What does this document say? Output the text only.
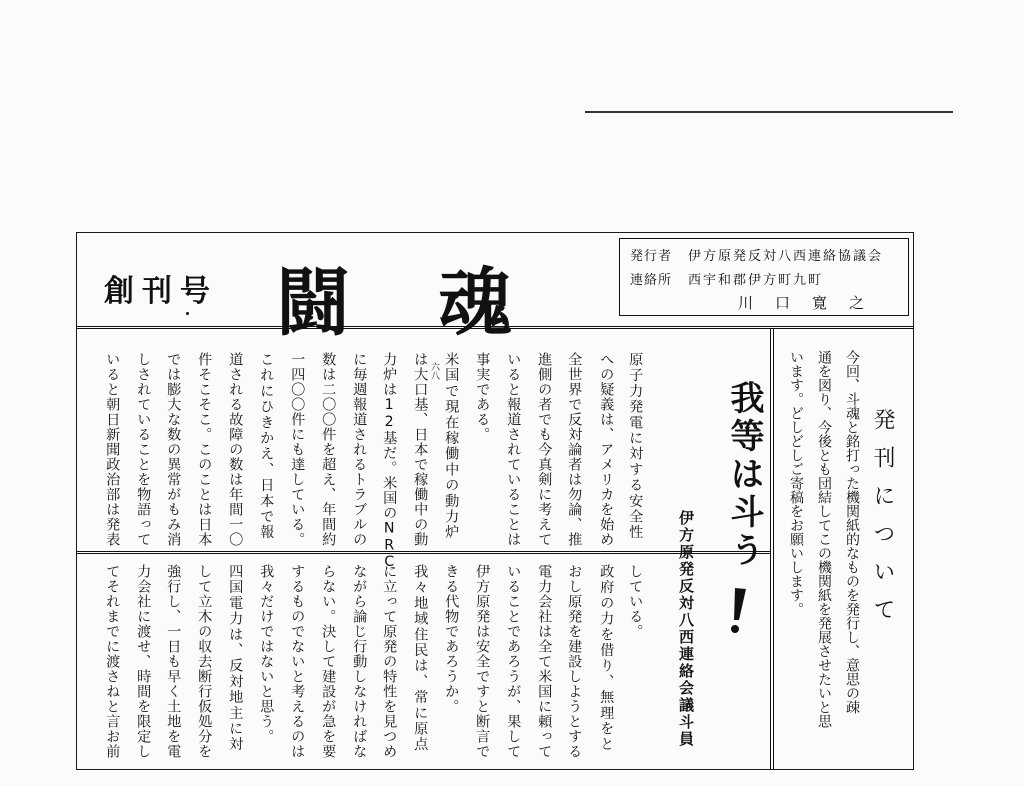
創刊号 闘魂
発行者 伊方原発反対八西連絡協議会
連絡所 西宇和郡伊方町九町
川口寛之
発刊について
今回、斗魂と銘打った機関紙的なものを発行し、意思の疎
通を図り、今後とも団結してこの機関紙を発展させたいと思
います。どしどしご寄稿をお願いします。
我等は斗う
伊方原発反対八西連絡会議斗員
原子力発電に対する安全性
への疑義は、アメリカを始め
全世界で反対論者は勿論、推
進側の者でも今真剣に考えて
いると報道されていることは
事実である。
米国で現在稼働中の動力炉
六八
は大口基、日本で稼働中の動
力炉は12基だ。米国のNRC
に毎週報道されるトラブルの
数は二〇〇件を超え、年間約
一四〇〇件にも達している。
これにひきかえ、日本で報
道される故障の数は年間一〇
件そこそこ。このことは日本
では膨大な数の異常がもみ消
しされていることを物語って
いると朝日新聞政治部は発表
している。
政府の力を借り、無理をと
おし原発を建設しようとする
電力会社は全て米国に頼って
いることであろうが、果して
伊方原発は安全ですと断言で
きる代物であろうか。
我々地域住民は、常に原点
に立って原発の特性を見つめ
ながら論じ行動しなければな
らない。決して建設が急を要
するものでないと考えるのは
我々だけではないと思う。
四国電力は、反対地主に対
して立木の収去断行仮処分を
強行し、一日も早く土地を電
力会社に渡せ、時間を限定し
てそれまでに渡さねと言お前
